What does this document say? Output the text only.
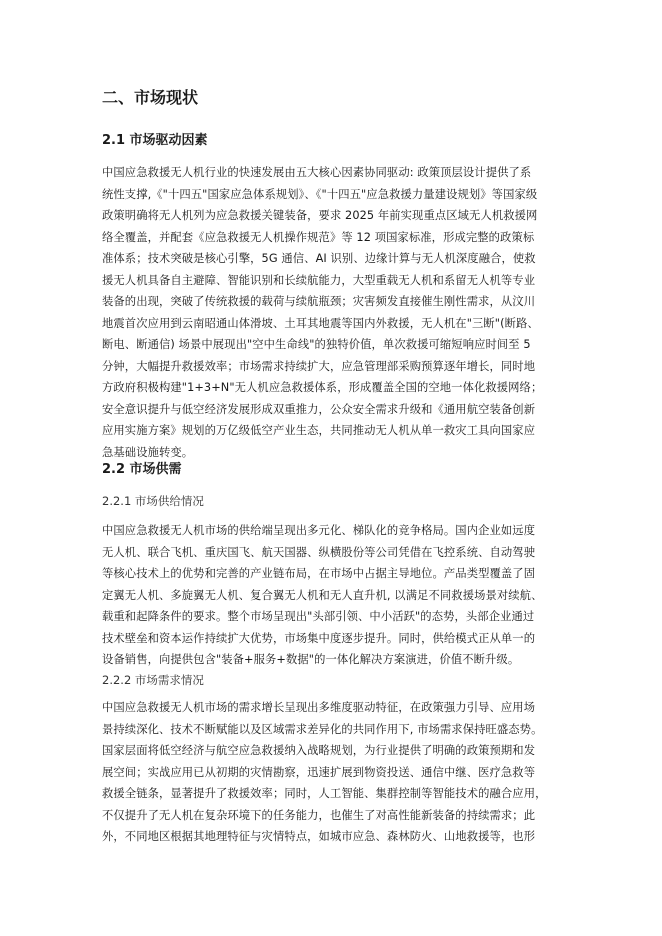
二、市场现状
2.1 市场驱动因素
中国应急救援无人机行业的快速发展由五大核心因素协同驱动: 政策顶层设计提供了系
统性支撑,《"十四五"国家应急体系规划》、《"十四五"应急救援力量建设规划》等国家级
政策明确将无人机列为应急救援关键装备，要求 2025 年前实现重点区域无人机救援网
络全覆盖，并配套《应急救援无人机操作规范》等 12 项国家标准，形成完整的政策标
准体系；技术突破是核心引擎，5G 通信、AI 识别、边缘计算与无人机深度融合，使救
援无人机具备自主避障、智能识别和长续航能力，大型重载无人机和系留无人机等专业
装备的出现，突破了传统救援的载荷与续航瓶颈；灾害频发直接催生刚性需求，从汶川
地震首次应用到云南昭通山体滑坡、土耳其地震等国内外救援，无人机在"三断"(断路、
断电、断通信) 场景中展现出"空中生命线"的独特价值，单次救援可缩短响应时间至 5
分钟，大幅提升救援效率；市场需求持续扩大，应急管理部采购预算逐年增长，同时地
方政府积极构建"1+3+N"无人机应急救援体系，形成覆盖全国的空地一体化救援网络；
安全意识提升与低空经济发展形成双重推力，公众安全需求升级和《通用航空装备创新
应用实施方案》规划的万亿级低空产业生态，共同推动无人机从单一救灾工具向国家应
急基础设施转变。
2.2 市场供需
2.2.1 市场供给情况
中国应急救援无人机市场的供给端呈现出多元化、梯队化的竞争格局。国内企业如远度
无人机、联合飞机、重庆国飞、航天国器、纵横股份等公司凭借在飞控系统、自动驾驶
等核心技术上的优势和完善的产业链布局，在市场中占据主导地位。产品类型覆盖了固
定翼无人机、多旋翼无人机、复合翼无人机和无人直升机, 以满足不同救援场景对续航、
载重和起降条件的要求。整个市场呈现出"头部引领、中小活跃"的态势，头部企业通过
技术壁垒和资本运作持续扩大优势，市场集中度逐步提升。同时，供给模式正从单一的
设备销售，向提供包含"装备+服务+数据"的一体化解决方案演进，价值不断升级。
2.2.2 市场需求情况
中国应急救援无人机市场的需求增长呈现出多维度驱动特征，在政策强力引导、应用场
景持续深化、技术不断赋能以及区域需求差异化的共同作用下, 市场需求保持旺盛态势。
国家层面将低空经济与航空应急救援纳入战略规划，为行业提供了明确的政策预期和发
展空间；实战应用已从初期的灾情勘察，迅速扩展到物资投送、通信中继、医疗急救等
救援全链条，显著提升了救援效率；同时，人工智能、集群控制等智能技术的融合应用，
不仅提升了无人机在复杂环境下的任务能力，也催生了对高性能新装备的持续需求；此
外，不同地区根据其地理特征与灾情特点，如城市应急、森林防火、山地救援等，也形
